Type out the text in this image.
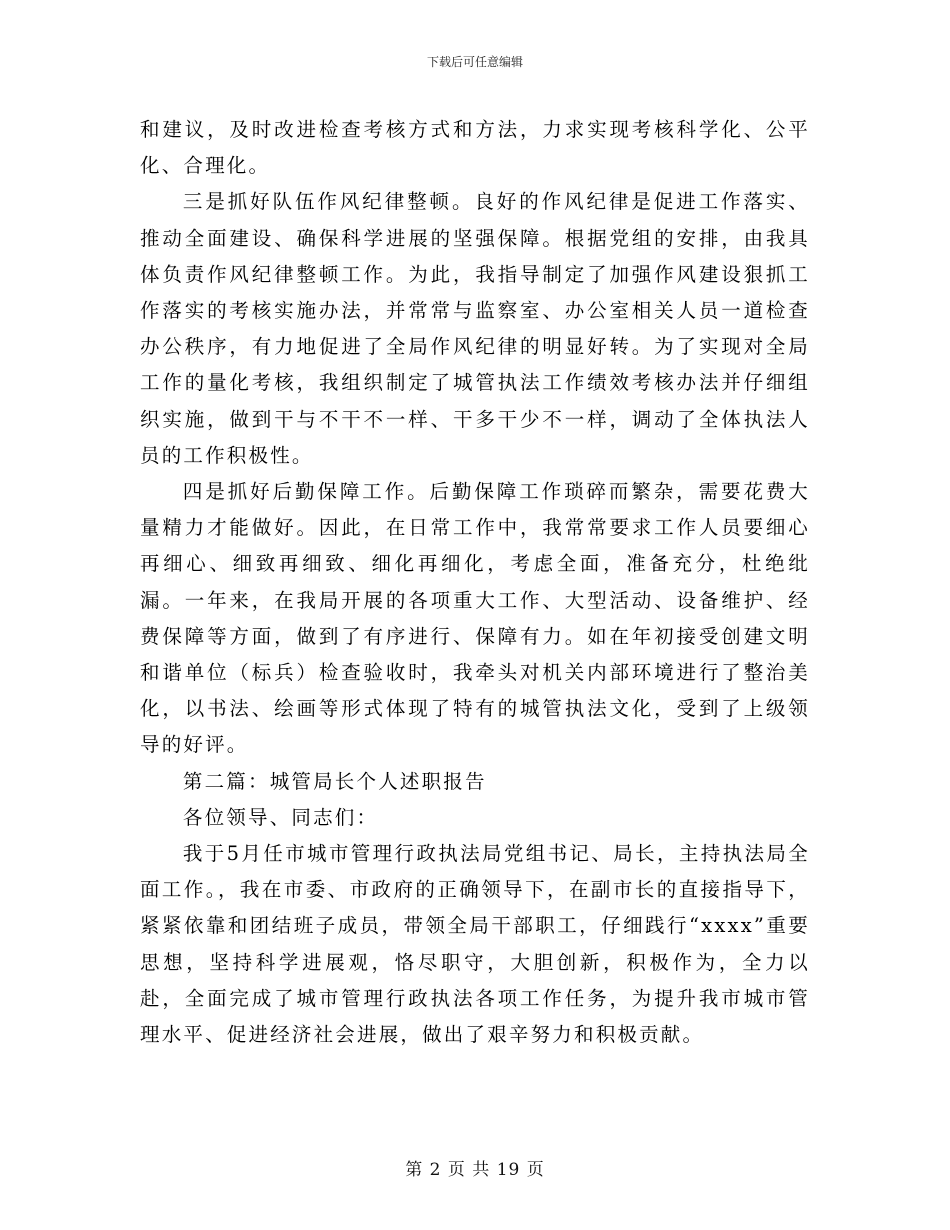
下载后可任意编辑

和建议，及时改进检查考核方式和方法，力求实现考核科学化、公平化、合理化。

三是抓好队伍作风纪律整顿。良好的作风纪律是促进工作落实、推动全面建设、确保科学进展的坚强保障。根据党组的安排，由我具体负责作风纪律整顿工作。为此，我指导制定了加强作风建设狠抓工作落实的考核实施办法，并常常与监察室、办公室相关人员一道检查办公秩序，有力地促进了全局作风纪律的明显好转。为了实现对全局工作的量化考核，我组织制定了城管执法工作绩效考核办法并仔细组织实施，做到干与不干不一样、干多干少不一样，调动了全体执法人员的工作积极性。

四是抓好后勤保障工作。后勤保障工作琐碎而繁杂，需要花费大量精力才能做好。因此，在日常工作中，我常常要求工作人员要细心再细心、细致再细致、细化再细化，考虑全面，准备充分，杜绝纰漏。一年来，在我局开展的各项重大工作、大型活动、设备维护、经费保障等方面，做到了有序进行、保障有力。如在年初接受创建文明和谐单位（标兵）检查验收时，我牵头对机关内部环境进行了整治美化，以书法、绘画等形式体现了特有的城管执法文化，受到了上级领导的好评。

第二篇：城管局长个人述职报告

各位领导、同志们：

我于5月任市城市管理行政执法局党组书记、局长，主持执法局全面工作。，我在市委、市政府的正确领导下，在副市长的直接指导下，紧紧依靠和团结班子成员，带领全局干部职工，仔细践行“xxxx”重要思想，坚持科学进展观，恪尽职守，大胆创新，积极作为，全力以赴，全面完成了城市管理行政执法各项工作任务，为提升我市城市管理水平、促进经济社会进展，做出了艰辛努力和积极贡献。

第 2 页 共 19 页
